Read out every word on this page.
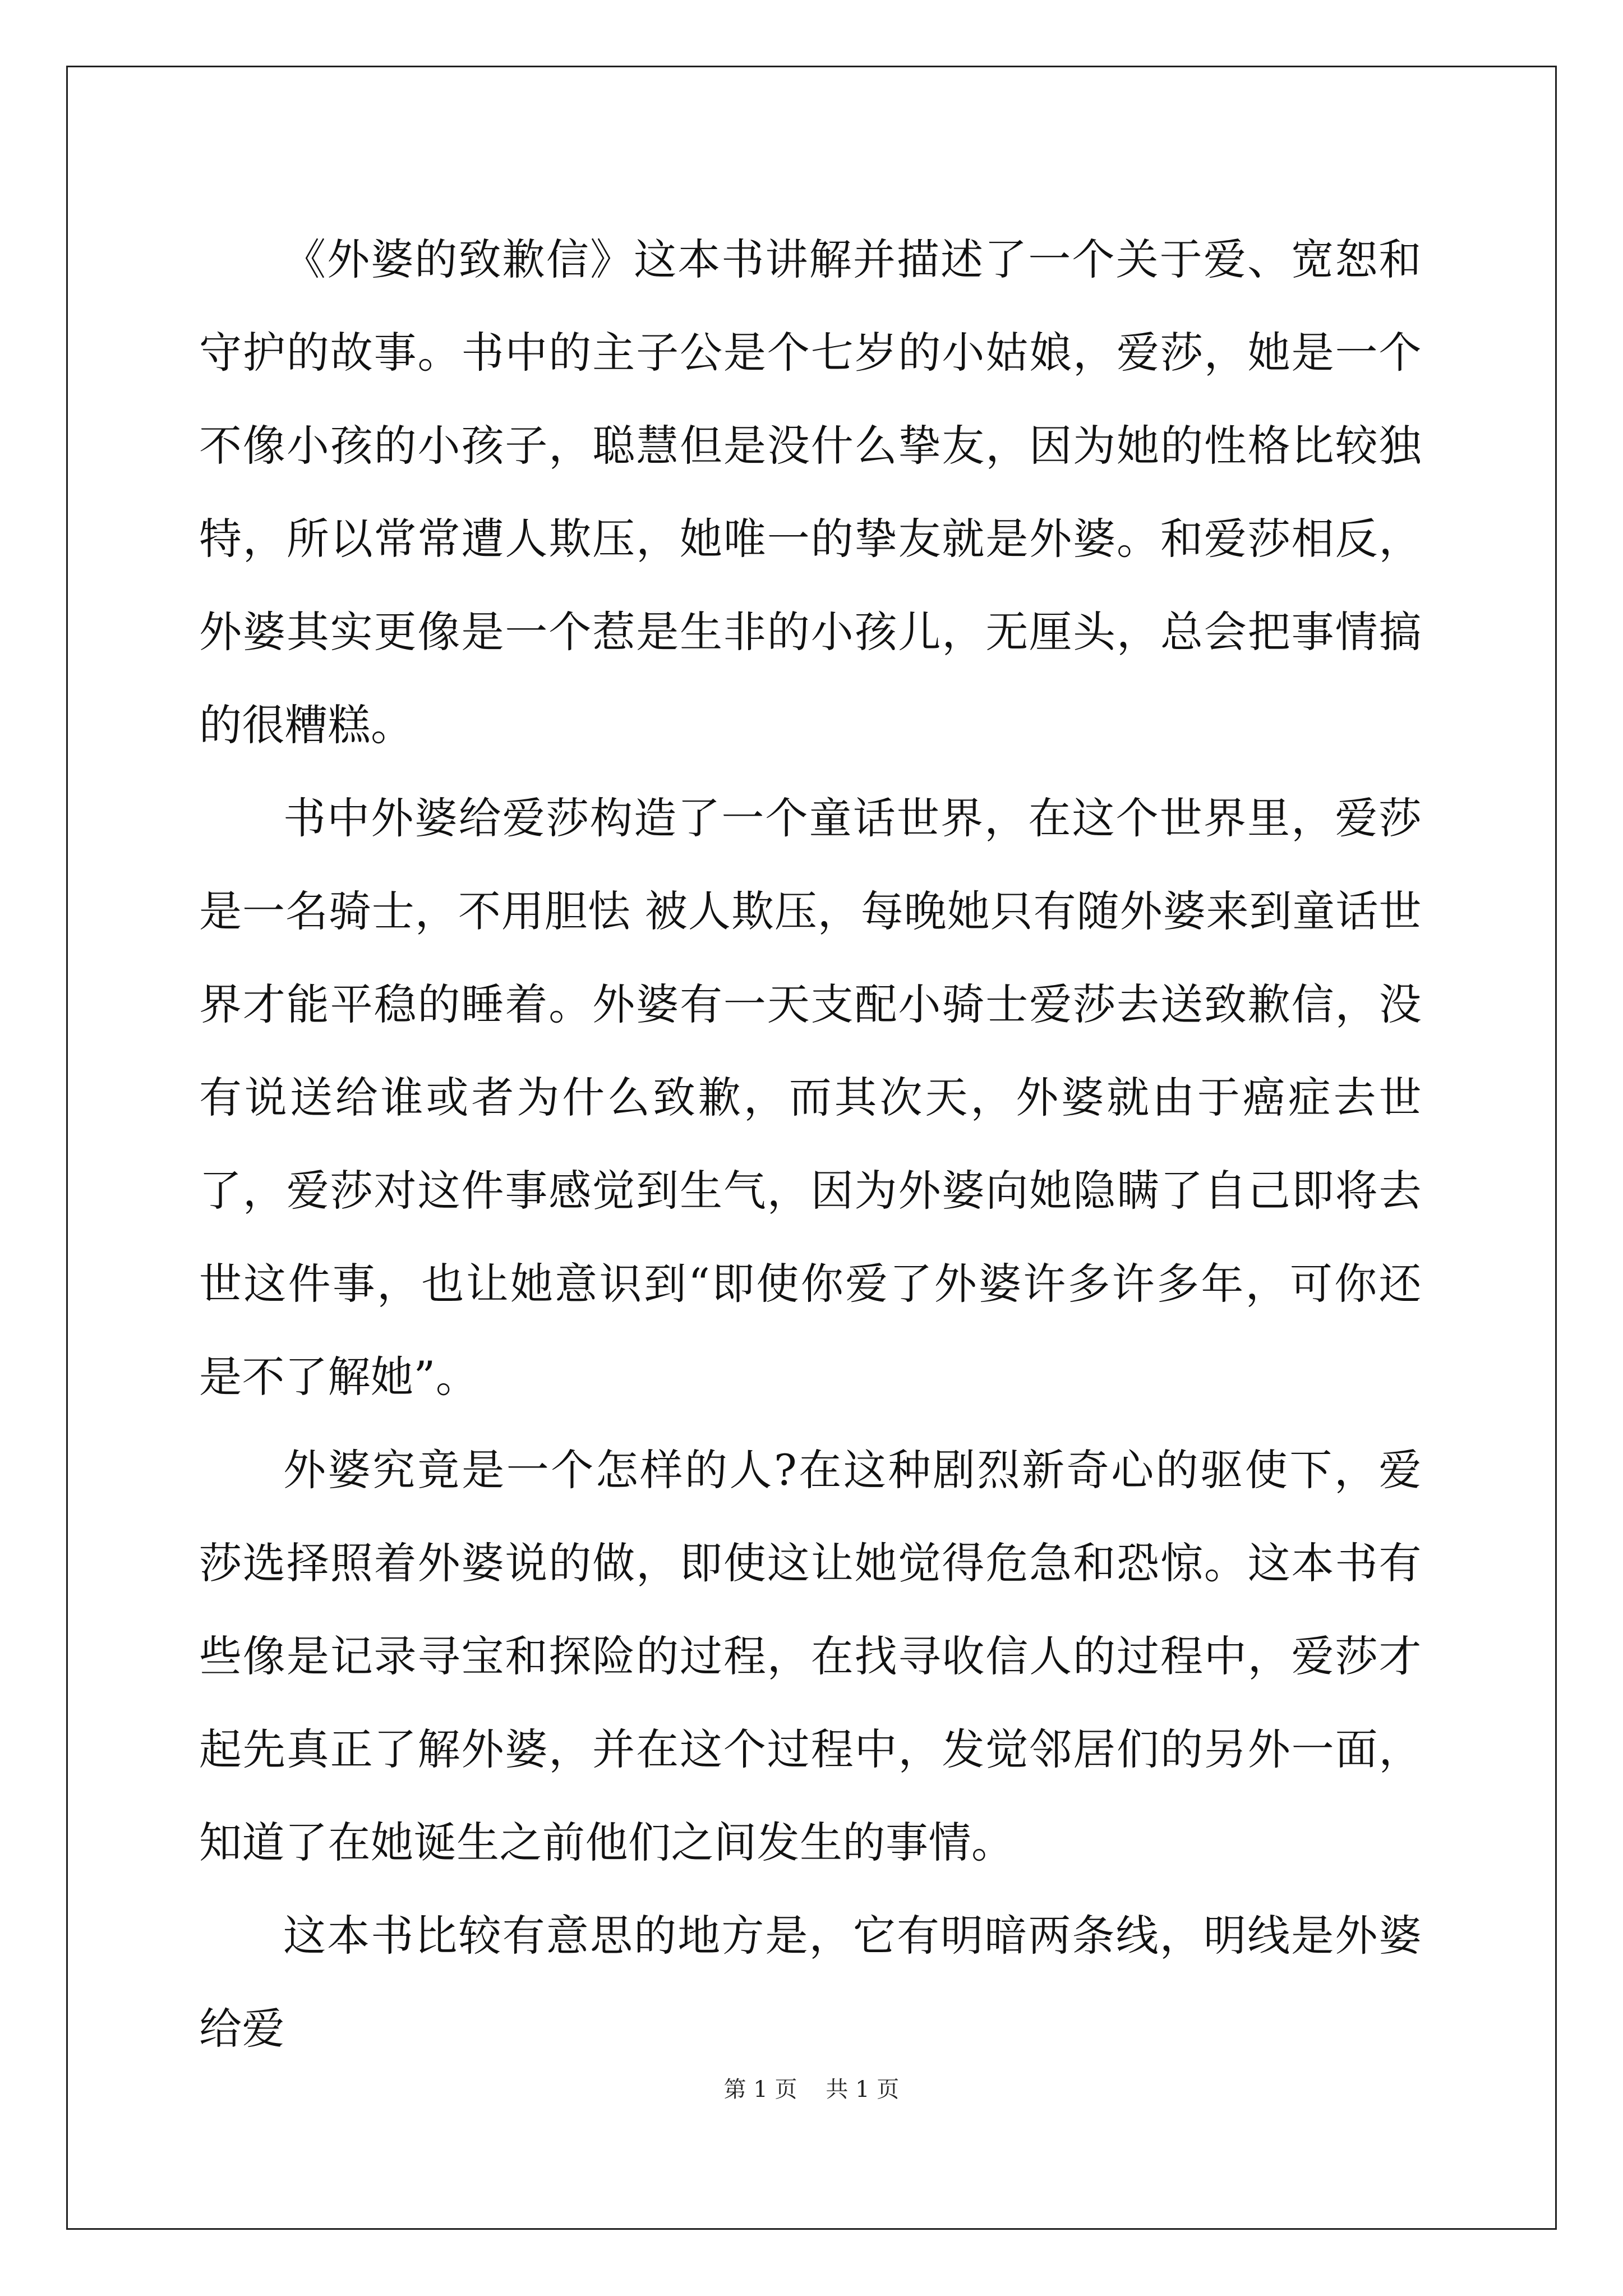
《外婆的致歉信》这本书讲解并描述了一个关于爱、宽恕和守护的故事。书中的主子公是个七岁的小姑娘，爱莎，她是一个不像小孩的小孩子，聪慧但是没什么挚友，因为她的性格比较独特，所以常常遭人欺压，她唯一的挚友就是外婆。和爱莎相反，外婆其实更像是一个惹是生非的小孩儿，无厘头，总会把事情搞的很糟糕。

书中外婆给爱莎构造了一个童话世界，在这个世界里，爱莎是一名骑士，不用胆怯 被人欺压，每晚她只有随外婆来到童话世界才能平稳的睡着。外婆有一天支配小骑士爱莎去送致歉信，没有说送给谁或者为什么致歉，而其次天，外婆就由于癌症去世了，爱莎对这件事感觉到生气，因为外婆向她隐瞒了自己即将去世这件事，也让她意识到“即使你爱了外婆许多许多年，可你还是不了解她”。

外婆究竟是一个怎样的人?在这种剧烈新奇心的驱使下，爱莎选择照着外婆说的做，即使这让她觉得危急和恐惊。这本书有些像是记录寻宝和探险的过程，在找寻收信人的过程中，爱莎才起先真正了解外婆，并在这个过程中，发觉邻居们的另外一面，知道了在她诞生之前他们之间发生的事情。

这本书比较有意思的地方是，它有明暗两条线，明线是外婆给爱

第 1 页 共 1 页
